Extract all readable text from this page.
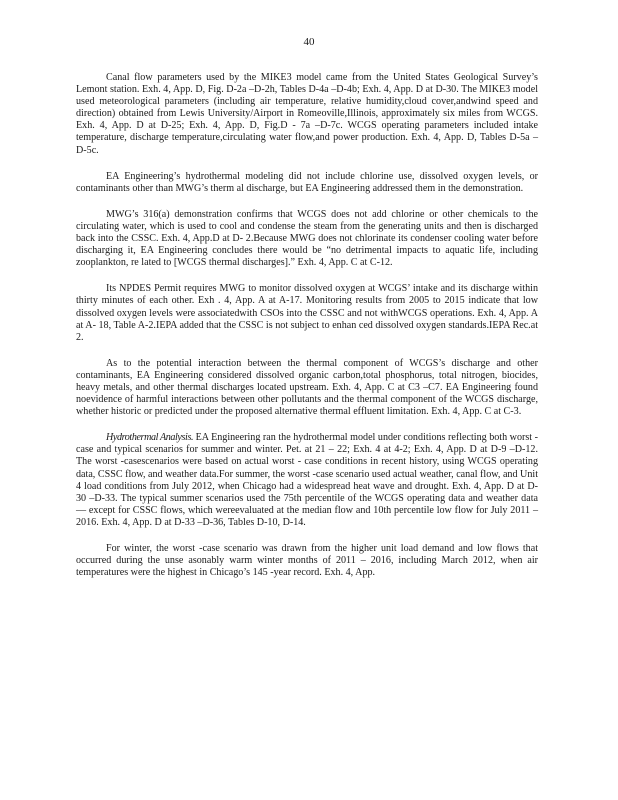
40

Canal flow parameters used by the MIKE3 model came from the United States Geological Survey’s Lemont station. Exh. 4, App. D, Fig. D-2a –D-2h, Tables D-4a –D-4b; Exh. 4, App. D at D-30. The MIKE3 model used meteorological parameters (including air temperature, relative humidity,cloud cover,andwind speed and direction) obtained from Lewis University/Airport in Romeoville,Illinois, approximately six miles from WCGS. Exh. 4, App. D at D-25; Exh. 4, App. D, Fig.D - 7a –D-7c. WCGS operating parameters included intake temperature, discharge temperature,circulating water flow,and power production. Exh. 4, App. D, Tables D-5a –D-5c.

EA Engineering’s hydrothermal modeling did not include chlorine use, dissolved oxygen levels, or contaminants other than MWG’s therm al discharge, but EA Engineering addressed them in the demonstration.

MWG’s 316(a) demonstration confirms that WCGS does not add chlorine or other chemicals to the circulating water, which is used to cool and condense the steam from the generating units and then is discharged back into the CSSC. Exh. 4, App.D at D- 2.Because MWG does not chlorinate its condenser cooling water before discharging it, EA Engineering concludes there would be “no detrimental impacts to aquatic life, including zooplankton, re lated to [WCGS thermal discharges].” Exh. 4, App. C at C-12.

Its NPDES Permit requires MWG to monitor dissolved oxygen at WCGS’ intake and its discharge within thirty minutes of each other. Exh . 4, App. A at A-17. Monitoring results from 2005 to 2015 indicate that low dissolved oxygen levels were associatedwith CSOs into the CSSC and not withWCGS operations. Exh. 4, App. A at A- 18, Table A-2.IEPA added that the CSSC is not subject to enhan ced dissolved oxygen standards.IEPA Rec.at 2.

As to the potential interaction between the thermal component of WCGS’s discharge and other contaminants, EA Engineering considered dissolved organic carbon,total phosphorus, total nitrogen, biocides, heavy metals, and other thermal discharges located upstream. Exh. 4, App. C at C3 –C7. EA Engineering found noevidence of harmful interactions between other pollutants and the thermal component of the WCGS discharge, whether historic or predicted under the proposed alternative thermal effluent limitation. Exh. 4, App. C at C-3.

Hydrothermal Analysis. EA Engineering ran the hydrothermal model under conditions reflecting both worst -case and typical scenarios for summer and winter. Pet. at 21 – 22; Exh. 4 at 4-2; Exh. 4, App. D at D-9 –D-12. The worst -casescenarios were based on actual worst - case conditions in recent history, using WCGS operating data, CSSC flow, and weather data.For summer, the worst -case scenario used actual weather, canal flow, and Unit 4 load conditions from July 2012, when Chicago had a widespread heat wave and drought. Exh. 4, App. D at D-30 –D-33. The typical summer scenarios used the 75th percentile of the WCGS operating data and weather data — except for CSSC flows, which wereevaluated at the median flow and 10th percentile low flow for July 2011 – 2016. Exh. 4, App. D at D-33 –D-36, Tables D-10, D-14.

For winter, the worst -case scenario was drawn from the higher unit load demand and low flows that occurred during the unse asonably warm winter months of 2011 – 2016, including March 2012, when air temperatures were the highest in Chicago’s 145 -year record. Exh. 4, App.
